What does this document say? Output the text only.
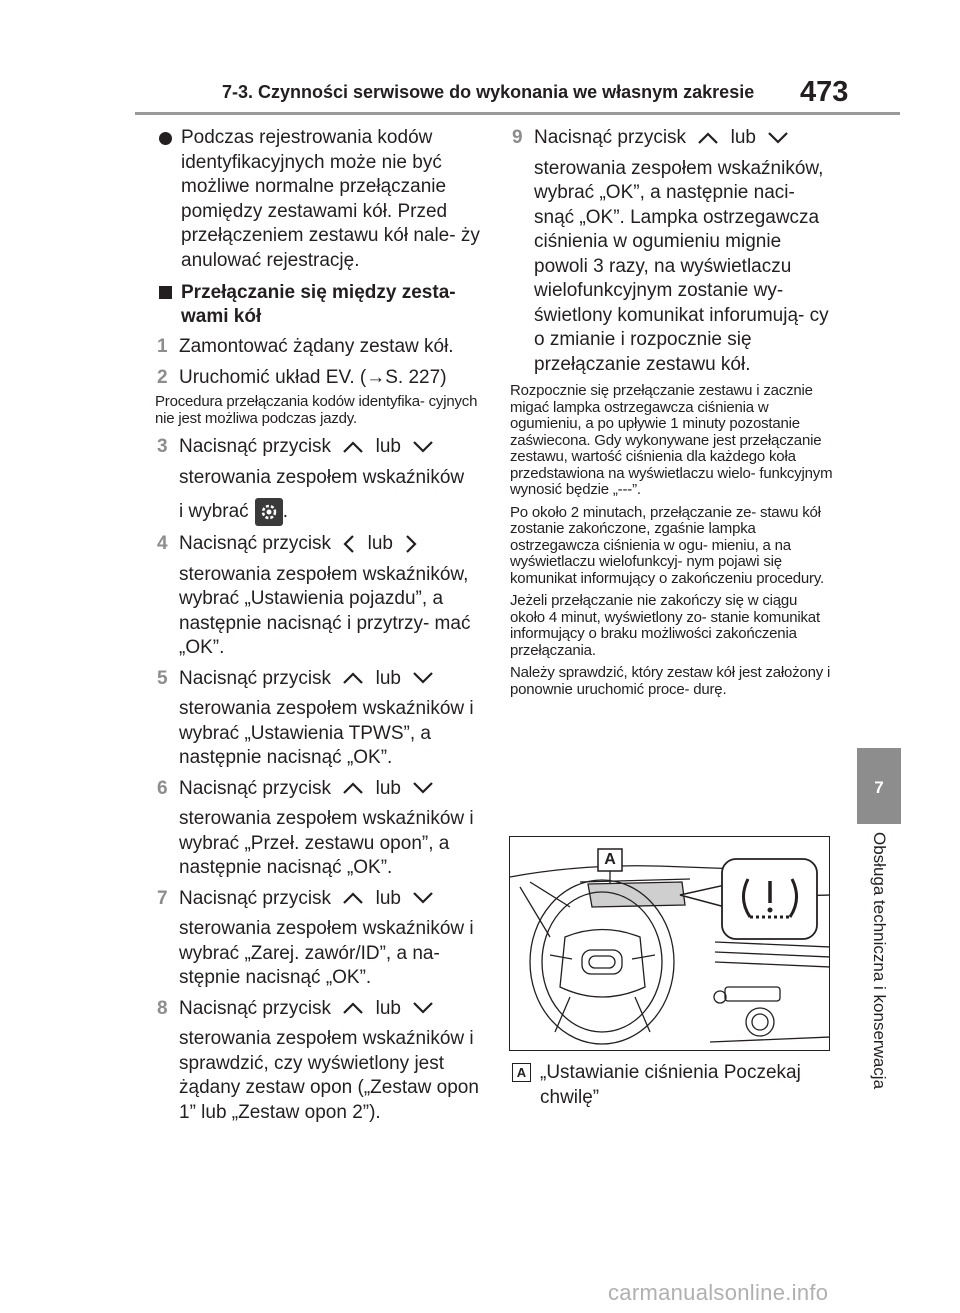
7-3. Czynności serwisowe do wykonania we własnym zakresie 473
7
Obsługa techniczna i konserwacja

Podczas rejestrowania kodów identyfikacyjnych może nie być możliwe normalne przełączanie pomiędzy zestawami kół. Przed przełączeniem zestawu kół nale- ży anulować rejestrację.

Przełączanie się między zesta- wami kół
1 Zamontować żądany zestaw kół.
2 Uruchomić układ EV. (→S. 227)

Procedura przełączania kodów identyfika- cyjnych nie jest możliwa podczas jazdy.

3 Nacisnąć przycisk lub

sterowania zespołem wskaźników

i wybrać .

4 Nacisnąć przycisk lub

sterowania zespołem wskaźników, wybrać „Ustawienia pojazdu”, a następnie nacisnąć i przytrzy- mać „OK”.

5 Nacisnąć przycisk lub

sterowania zespołem wskaźników i wybrać „Ustawienia TPWS”, a następnie nacisnąć „OK”.

6 Nacisnąć przycisk lub

sterowania zespołem wskaźników i wybrać „Przeł. zestawu opon”, a następnie nacisnąć „OK”.

7 Nacisnąć przycisk lub

sterowania zespołem wskaźników i wybrać „Zarej. zawór/ID”, a na- stępnie nacisnąć „OK”.

8 Nacisnąć przycisk lub

sterowania zespołem wskaźników i sprawdzić, czy wyświetlony jest żądany zestaw opon („Zestaw opon 1” lub „Zestaw opon 2”).

9 Nacisnąć przycisk lub

sterowania zespołem wskaźników, wybrać „OK”, a następnie naci- snąć „OK”. Lampka ostrzegawcza ciśnienia w ogumieniu mignie powoli 3 razy, na wyświetlaczu wielofunkcyjnym zostanie wy- świetlony komunikat inforumują- cy o zmianie i rozpocznie się przełączanie zestawu kół.

Rozpocznie się przełączanie zestawu i zacznie migać lampka ostrzegawcza ciśnienia w ogumieniu, a po upływie 1 minuty pozostanie zaświecona. Gdy wykonywane jest przełączanie zestawu, wartość ciśnienia dla każdego koła przedstawiona na wyświetlaczu wielo- funkcyjnym wynosić będzie „---”.

Po około 2 minutach, przełączanie ze- stawu kół zostanie zakończone, zgaśnie lampka ostrzegawcza ciśnienia w ogu- mieniu, a na wyświetlaczu wielofunkcyj- nym pojawi się komunikat informujący o zakończeniu procedury.

Jeżeli przełączanie nie zakończy się w ciągu około 4 minut, wyświetlony zo- stanie komunikat informujący o braku możliwości zakończenia przełączania.

Należy sprawdzić, który zestaw kół jest założony i ponownie uruchomić proce- durę.

A
A „Ustawianie ciśnienia Poczekaj chwilę”

carmanualsonline.info
